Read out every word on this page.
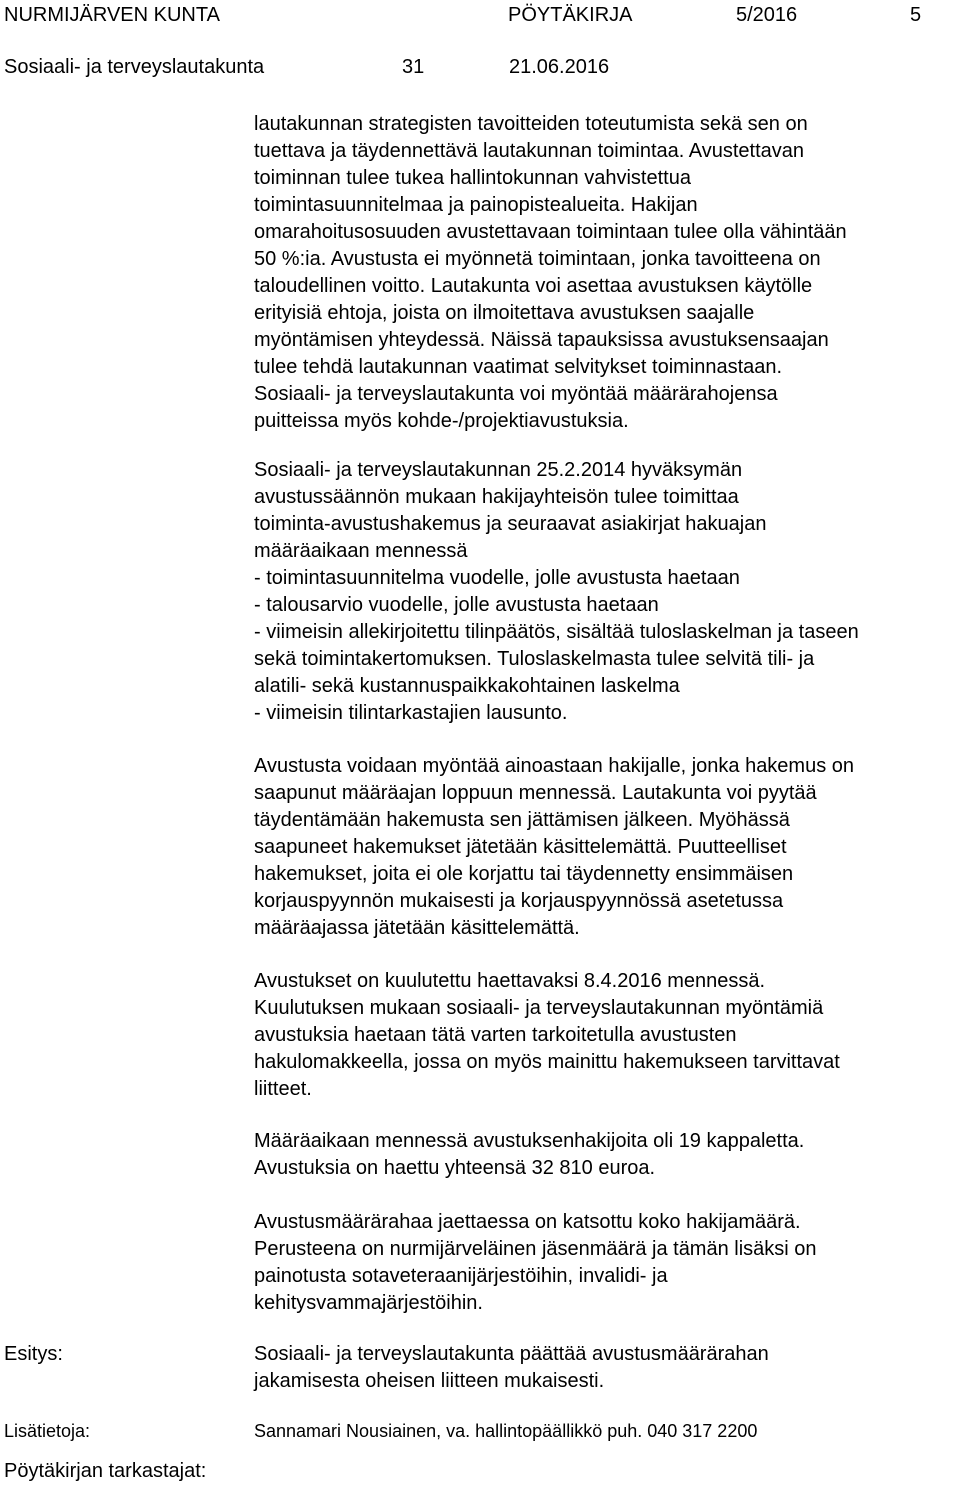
NURMIJÄRVEN KUNTA	PÖYTÄKIRJA	5/2016	5
Sosiaali- ja terveyslautakunta	31	21.06.2016
lautakunnan strategisten tavoitteiden toteutumista sekä sen on
tuettava ja täydennettävä lautakunnan toimintaa. Avustettavan
toiminnan tulee tukea hallintokunnan vahvistettua
toimintasuunnitelmaa ja painopistealueita. Hakijan
omarahoitusosuuden avustettavaan toimintaan tulee olla vähintään
50 %:ia. Avustusta ei myönnetä toimintaan, jonka tavoitteena on
taloudellinen voitto. Lautakunta voi asettaa avustuksen käytölle
erityisiä ehtoja, joista on ilmoitettava avustuksen saajalle
myöntämisen yhteydessä. Näissä tapauksissa avustuksensaajan
tulee tehdä lautakunnan vaatimat selvitykset toiminnastaan.
Sosiaali- ja terveyslautakunta voi myöntää määrärahojensa
puitteissa myös kohde-/projektiavustuksia.
Sosiaali- ja terveyslautakunnan 25.2.2014 hyväksymän
avustussäännön mukaan hakijayhteisön tulee toimittaa
toiminta-avustushakemus ja seuraavat asiakirjat hakuajan
määräaikaan mennessä
- toimintasuunnitelma vuodelle, jolle avustusta haetaan
- talousarvio vuodelle, jolle avustusta haetaan
- viimeisin allekirjoitettu tilinpäätös, sisältää tuloslaskelman ja taseen
sekä toimintakertomuksen. Tuloslaskelmasta tulee selvitä tili- ja
alatili- sekä kustannuspaikkakohtainen laskelma
- viimeisin tilintarkastajien lausunto.
Avustusta voidaan myöntää ainoastaan hakijalle, jonka hakemus on
saapunut määräajan loppuun mennessä. Lautakunta voi pyytää
täydentämään hakemusta sen jättämisen jälkeen. Myöhässä
saapuneet hakemukset jätetään käsittelemättä. Puutteelliset
hakemukset, joita ei ole korjattu tai täydennetty ensimmäisen
korjauspyynnön mukaisesti ja korjauspyynnössä asetetussa
määräajassa jätetään käsittelemättä.
Avustukset on kuulutettu haettavaksi 8.4.2016 mennessä.
Kuulutuksen mukaan sosiaali- ja terveyslautakunnan myöntämiä
avustuksia haetaan tätä varten tarkoitetulla avustusten
hakulomakkeella, jossa on myös mainittu hakemukseen tarvittavat
liitteet.
Määräaikaan mennessä avustuksenhakijoita oli 19 kappaletta.
Avustuksia on haettu yhteensä 32 810 euroa.
Avustusmäärärahaa jaettaessa on katsottu koko hakijamäärä.
Perusteena on nurmijärveläinen jäsenmäärä ja tämän lisäksi on
painotusta sotaveteraanijärjestöihin, invalidi- ja
kehitysvammajärjestöihin.
Esitys:	Sosiaali- ja terveyslautakunta päättää avustusmäärärahan
jakamisesta oheisen liitteen mukaisesti.
Lisätietoja:	Sannamari Nousiainen, va. hallintopäällikkö puh. 040 317 2200
Pöytäkirjan tarkastajat:
